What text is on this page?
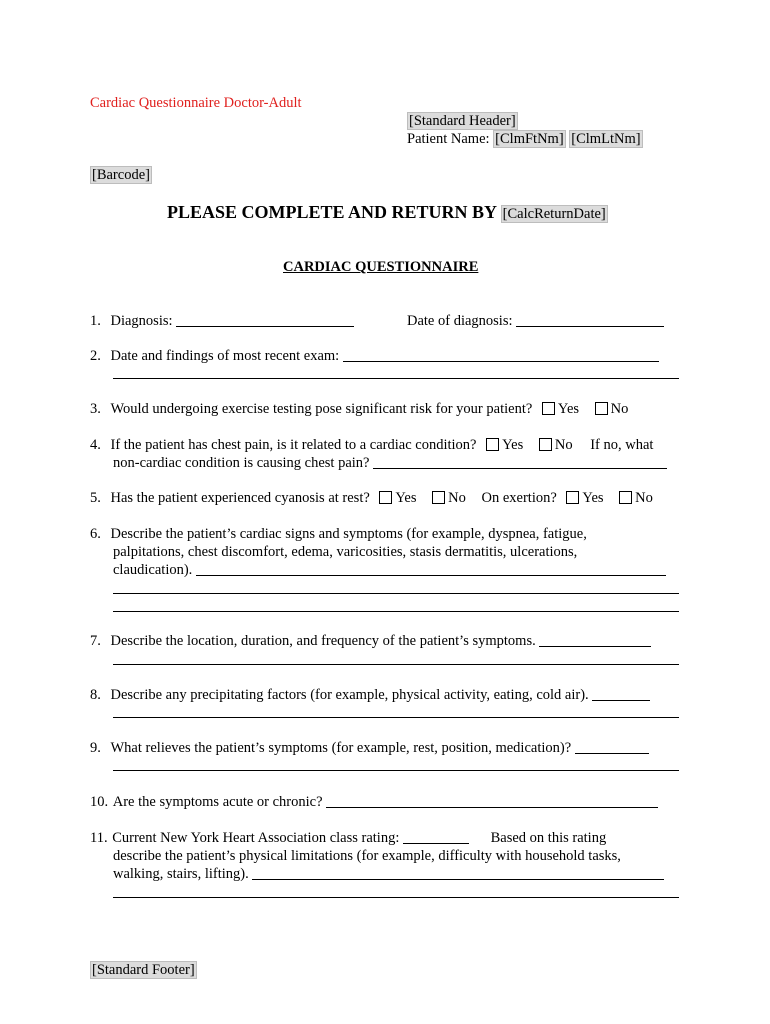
Cardiac Questionnaire Doctor-Adult
[Standard Header]
Patient Name: [ClmFtNm] [ClmLtNm]
[Barcode]
PLEASE COMPLETE AND RETURN BY [CalcReturnDate]
CARDIAC QUESTIONNAIRE
1. Diagnosis:	Date of diagnosis:
2. Date and findings of most recent exam:
3. Would undergoing exercise testing pose significant risk for your patient? Yes No
4. If the patient has chest pain, is it related to a cardiac condition? Yes No If no, what
non-cardiac condition is causing chest pain?
5. Has the patient experienced cyanosis at rest? Yes No On exertion? Yes No
6. Describe the patient’s cardiac signs and symptoms (for example, dyspnea, fatigue,
palpitations, chest discomfort, edema, varicosities, stasis dermatitis, ulcerations,
claudication).
7. Describe the location, duration, and frequency of the patient’s symptoms.
8. Describe any precipitating factors (for example, physical activity, eating, cold air).
9. What relieves the patient’s symptoms (for example, rest, position, medication)?
10. Are the symptoms acute or chronic?
11. Current New York Heart Association class rating:	Based on this rating
describe the patient’s physical limitations (for example, difficulty with household tasks,
walking, stairs, lifting).
[Standard Footer]
